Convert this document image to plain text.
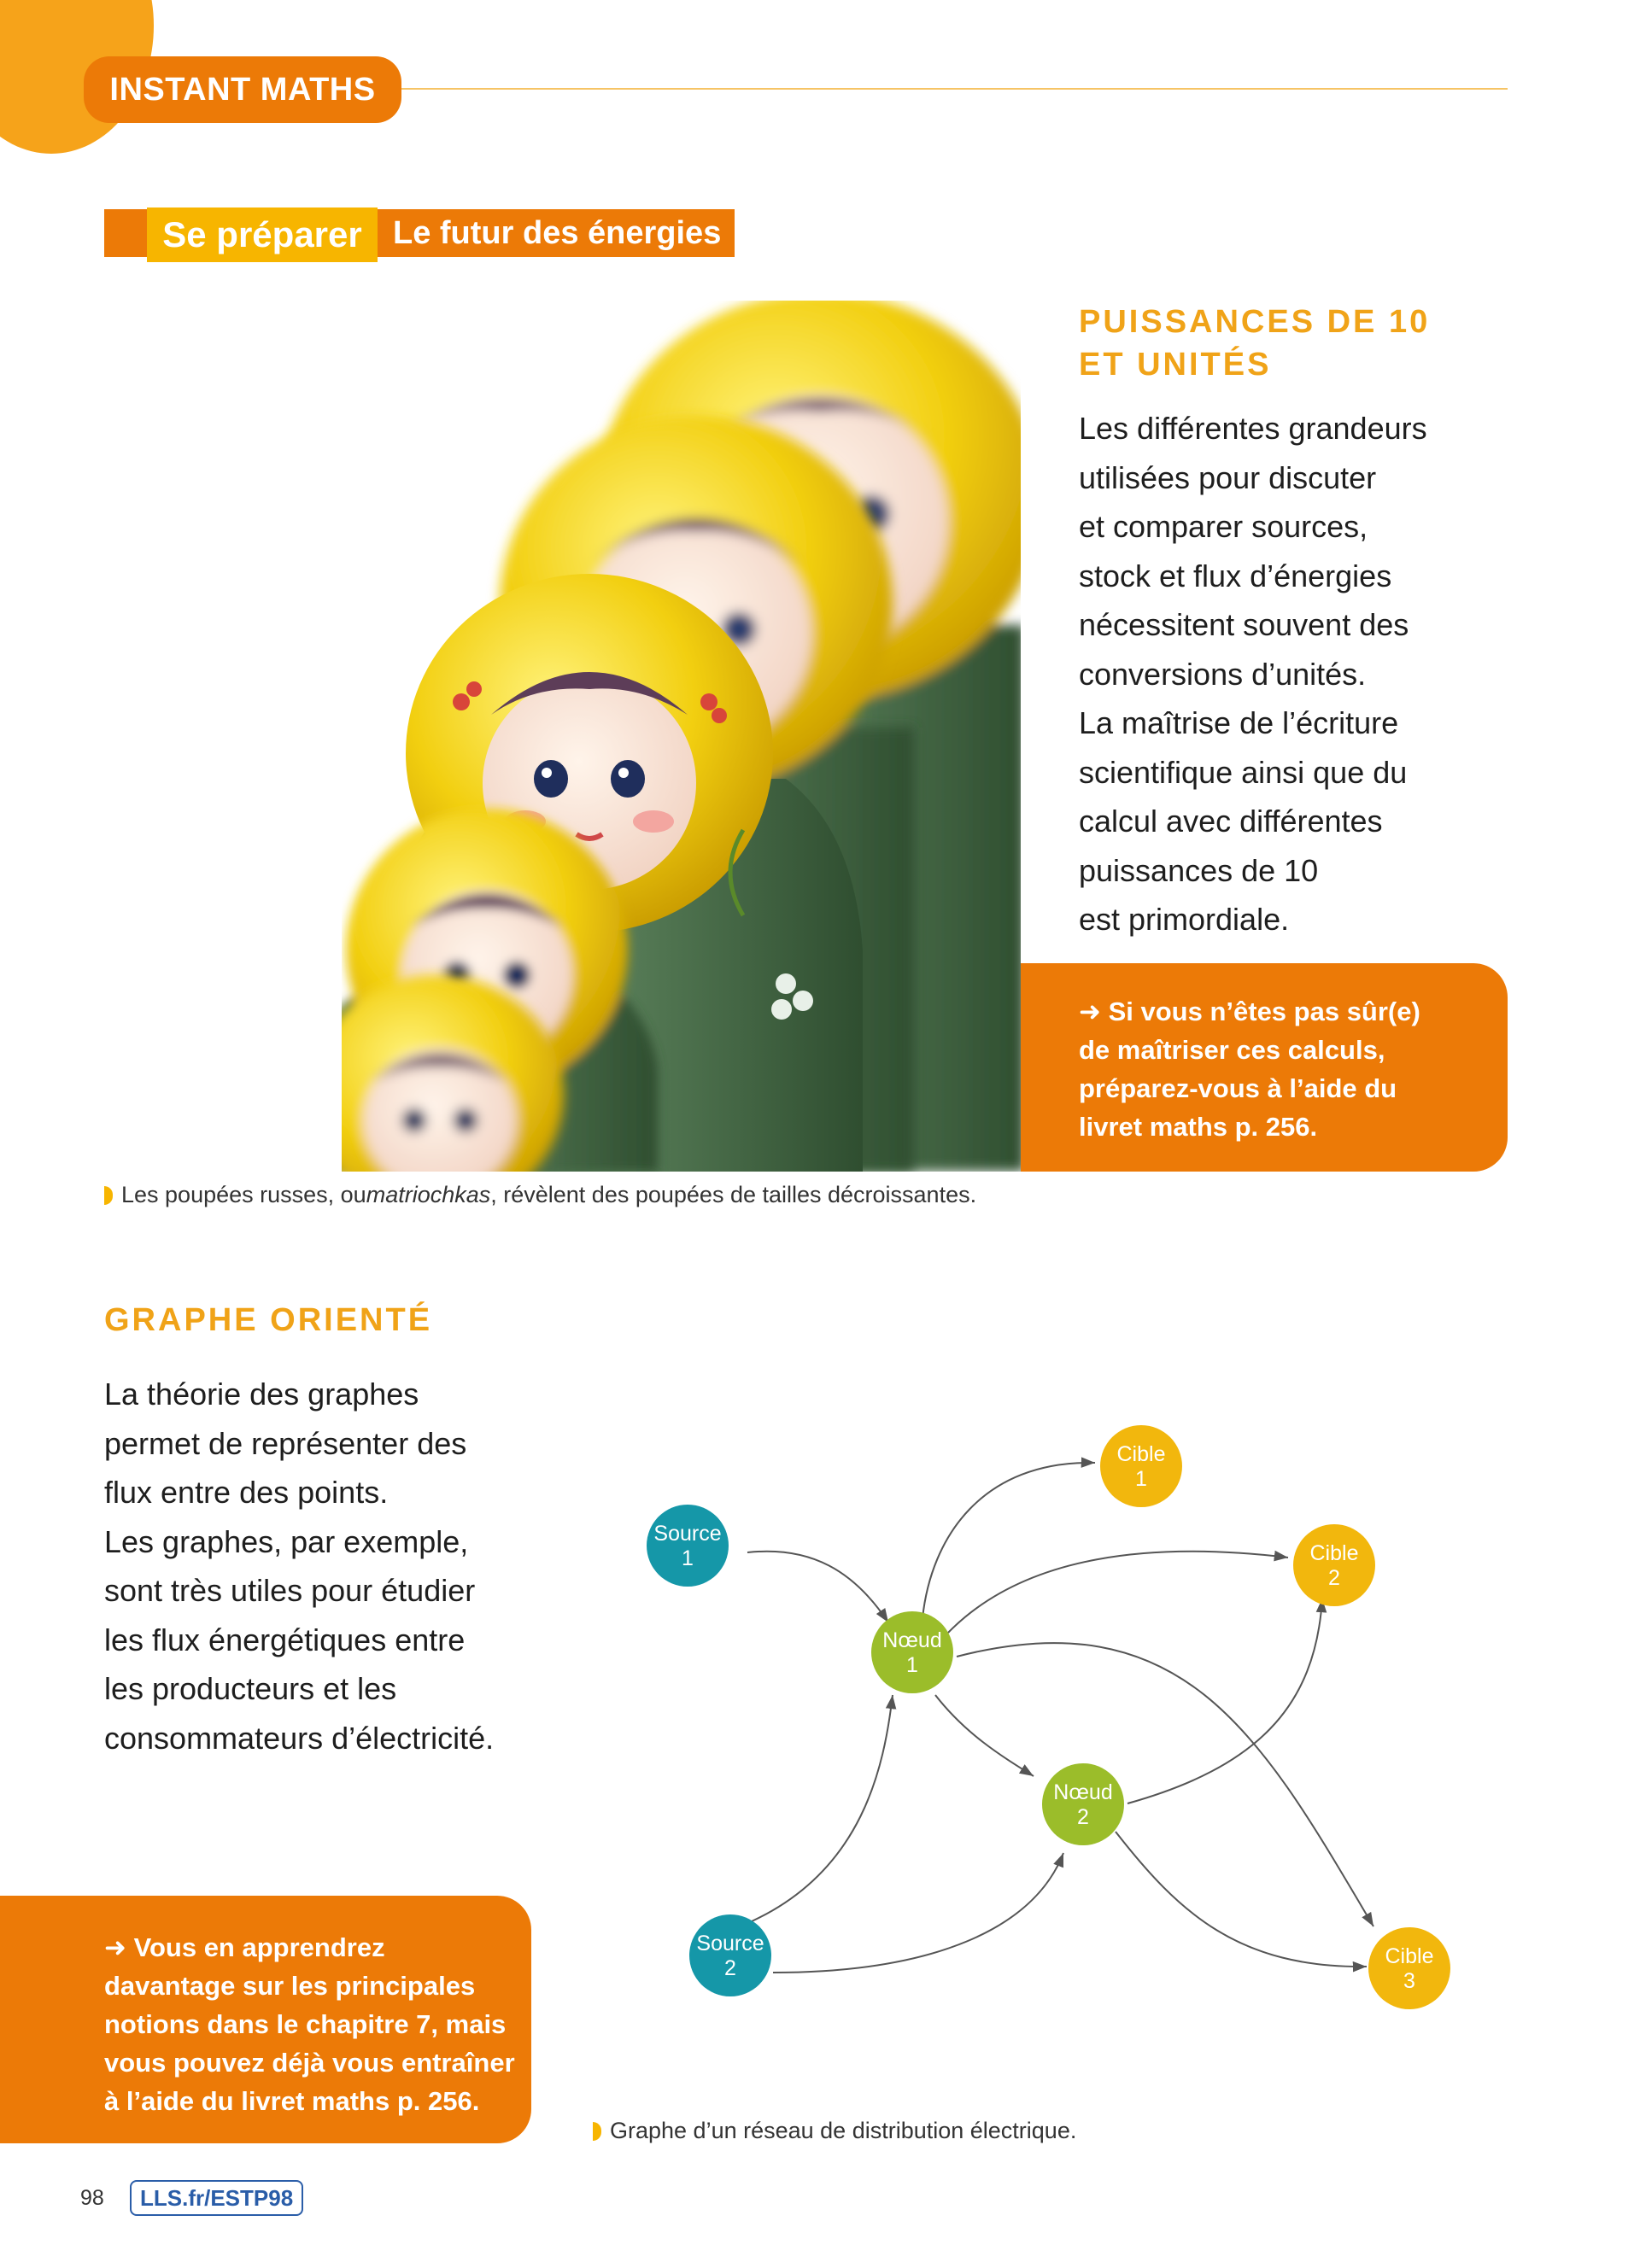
INSTANT MATHS
Se préparer Le futur des énergies
PUISSANCES DE 10
ET UNITÉS
Les différentes grandeurs
utilisées pour discuter
et comparer sources,
stock et flux d’énergies
nécessitent souvent des
conversions d’unités.
La maîtrise de l’écriture
scientifique ainsi que du
calcul avec différentes
puissances de 10
est primordiale.
➜ Si vous n’êtes pas sûr(e)
de maîtriser ces calculs,
préparez-vous à l’aide du
livret maths p. 256.
Les poupées russes, ou matriochkas , révèlent des poupées de tailles décroissantes.
GRAPHE ORIENTÉ
La théorie des graphes
permet de représenter des
flux entre des points.
Les graphes, par exemple,
sont très utiles pour étudier
les flux énergétiques entre
les producteurs et les
consommateurs d’électricité.
➜ Vous en apprendrez
davantage sur les principales
notions dans le chapitre 7, mais
vous pouvez déjà vous entraîner
à l’aide du livret maths p. 256.
Source
1
Source
2
Nœud
1
Nœud
2
Cible
1
Cible
2
Cible
3
Graphe d’un réseau de distribution électrique.
98	LLS.fr/ESTP98
